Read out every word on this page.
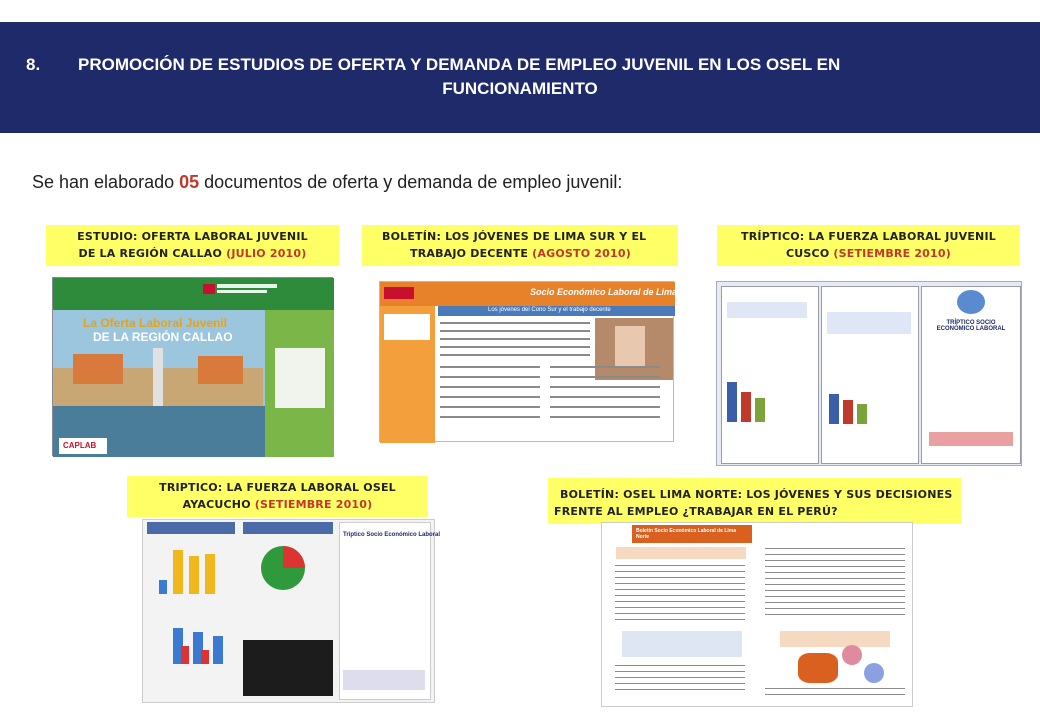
8. PROMOCIÓN DE ESTUDIOS DE OFERTA Y DEMANDA DE EMPLEO JUVENIL EN LOS OSEL EN
FUNCIONAMIENTO
Se han elaborado 05 documentos de oferta y demanda de empleo juvenil:
ESTUDIO: OFERTA LABORAL JUVENIL
DE LA REGIÓN CALLAO (JULIO 2010)
BOLETÍN: LOS JÓVENES DE LIMA SUR Y EL
TRABAJO DECENTE (AGOSTO 2010)
TRÍPTICO: LA FUERZA LABORAL JUVENIL
CUSCO (SETIEMBRE 2010)
TRIPTICO: LA FUERZA LABORAL OSEL
AYACUCHO (SETIEMBRE 2010)
BOLETÍN: OSEL LIMA NORTE: LOS JÓVENES Y SUS DECISIONES
FRENTE AL EMPLEO ¿TRABAJAR EN EL PERÚ?
La Oferta Laboral Juvenil
DE LA REGIÓN CALLAO
CAPLAB
Socio Económico Laboral de Lima Sur
Los jóvenes del Cono Sur y el trabajo decente
TRÍPTICO SOCIO ECONÓMICO LABORAL
Tríptico Socio Económico Laboral
Boletín Socio Económico Laboral de Lima Norte
